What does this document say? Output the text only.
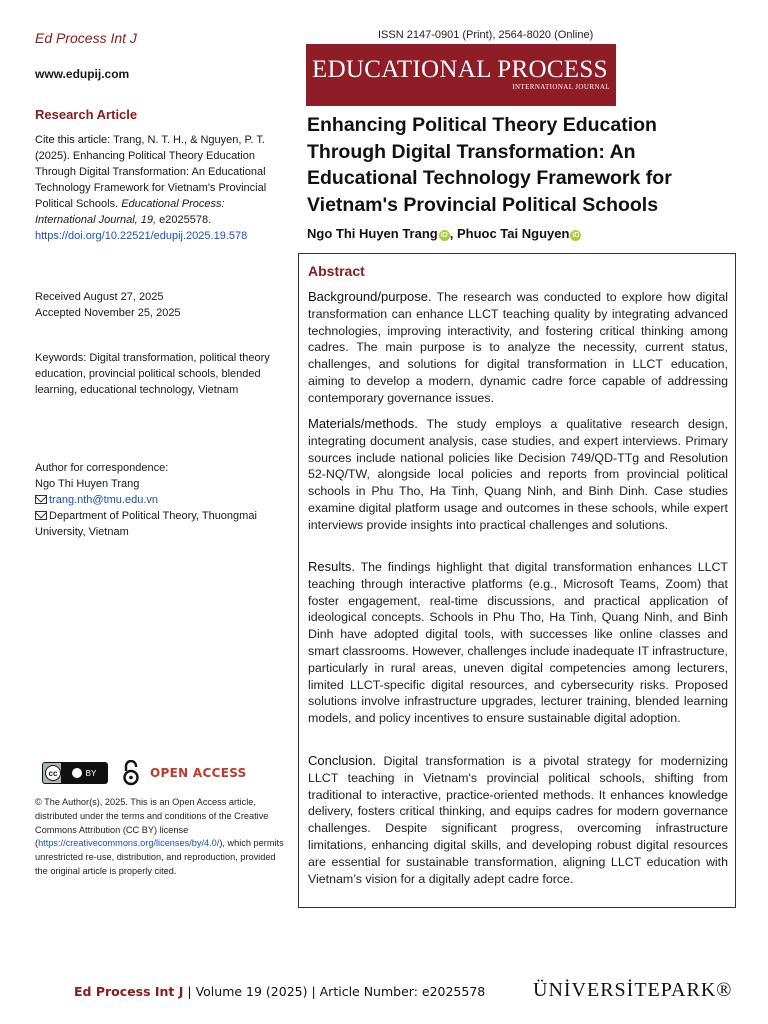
Ed Process Int J
www.edupij.com
Research Article
Cite this article: Trang, N. T. H., & Nguyen, P. T. (2025). Enhancing Political Theory Education Through Digital Transformation: An Educational Technology Framework for Vietnam's Provincial Political Schools. Educational Process: International Journal, 19, e2025578.
https://doi.org/10.22521/edupij.2025.19.578
Received August 27, 2025
Accepted November 25, 2025
Keywords: Digital transformation, political theory education, provincial political schools, blended learning, educational technology, Vietnam
Author for correspondence:
Ngo Thi Huyen Trang
trang.nth@tmu.edu.vn
Department of Political Theory, Thuongmai University, Vietnam
cc	BY	OPEN ACCESS
© The Author(s), 2025. This is an Open Access article, distributed under the terms and conditions of the Creative Commons Attribution (CC BY) license (https://creativecommons.org/licenses/by/4.0/), which permits unrestricted re-use, distribution, and reproduction, provided the original article is properly cited.
ISSN 2147-0901 (Print), 2564-8020 (Online)
EDUCATIONAL PROCESS
INTERNATIONAL JOURNAL
Enhancing Political Theory Education Through Digital Transformation: An Educational Technology Framework for Vietnam's Provincial Political Schools
Ngo Thi Huyen Trang iD , Phuoc Tai Nguyen iD
Abstract
Background/purpose. The research was conducted to explore how digital transformation can enhance LLCT teaching quality by integrating advanced technologies, improving interactivity, and fostering critical thinking among cadres. The main purpose is to analyze the necessity, current status, challenges, and solutions for digital transformation in LLCT education, aiming to develop a modern, dynamic cadre force capable of addressing contemporary governance issues.
Materials/methods. The study employs a qualitative research design, integrating document analysis, case studies, and expert interviews. Primary sources include national policies like Decision 749/QD-TTg and Resolution 52-NQ/TW, alongside local policies and reports from provincial political schools in Phu Tho, Ha Tinh, Quang Ninh, and Binh Dinh. Case studies examine digital platform usage and outcomes in these schools, while expert interviews provide insights into practical challenges and solutions.
Results. The findings highlight that digital transformation enhances LLCT teaching through interactive platforms (e.g., Microsoft Teams, Zoom) that foster engagement, real-time discussions, and practical application of ideological concepts. Schools in Phu Tho, Ha Tinh, Quang Ninh, and Binh Dinh have adopted digital tools, with successes like online classes and smart classrooms. However, challenges include inadequate IT infrastructure, particularly in rural areas, uneven digital competencies among lecturers, limited LLCT-specific digital resources, and cybersecurity risks. Proposed solutions involve infrastructure upgrades, lecturer training, blended learning models, and policy incentives to ensure sustainable digital adoption.
Conclusion. Digital transformation is a pivotal strategy for modernizing LLCT teaching in Vietnam's provincial political schools, shifting from traditional to interactive, practice-oriented methods. It enhances knowledge delivery, fosters critical thinking, and equips cadres for modern governance challenges. Despite significant progress, overcoming infrastructure limitations, enhancing digital skills, and developing robust digital resources are essential for sustainable transformation, aligning LLCT education with Vietnam’s vision for a digitally adept cadre force.
Ed Process Int J | Volume 19 (2025) | Article Number: e2025578 ÜNİVERSİTEPARK®
